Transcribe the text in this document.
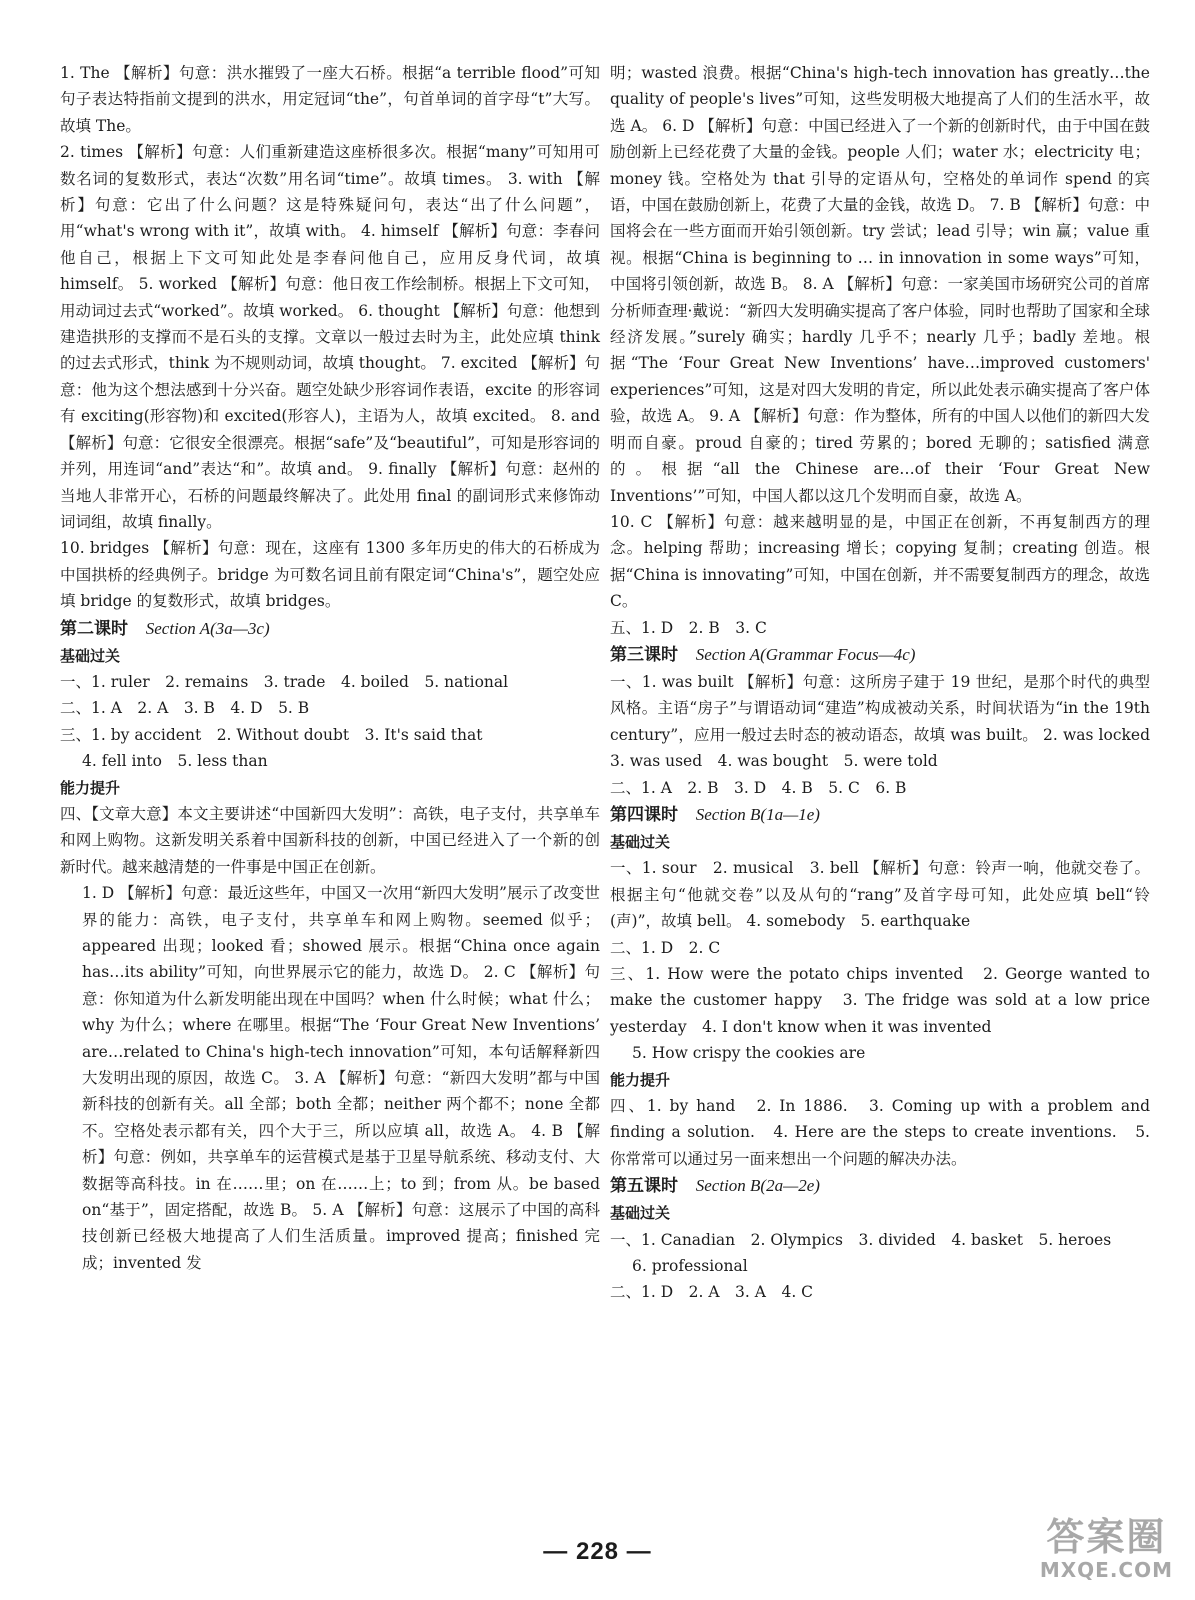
1. The 【解析】句意：洪水摧毁了一座大石桥。根据“a terrible flood”可知句子表达特指前文提到的洪水，用定冠词“the”，句首单词的首字母“t”大写。故填 The。

2. times 【解析】句意：人们重新建造这座桥很多次。根据“many”可知用可数名词的复数形式，表达“次数”用名词“time”。故填 times。 3. with 【解析】句意：它出了什么问题？这是特殊疑问句，表达“出了什么问题”，用“what's wrong with it”，故填 with。 4. himself 【解析】句意：李春问他自己，根据上下文可知此处是李春问他自己，应用反身代词，故填 himself。 5. worked 【解析】句意：他日夜工作绘制桥。根据上下文可知，用动词过去式“worked”。故填 worked。 6. thought 【解析】句意：他想到建造拱形的支撑而不是石头的支撑。文章以一般过去时为主，此处应填 think 的过去式形式，think 为不规则动词，故填 thought。 7. excited 【解析】句意：他为这个想法感到十分兴奋。题空处缺少形容词作表语，excite 的形容词有 exciting(形容物)和 excited(形容人)，主语为人，故填 excited。 8. and 【解析】句意：它很安全很漂亮。根据“safe”及“beautiful”，可知是形容词的并列，用连词“and”表达“和”。故填 and。 9. finally 【解析】句意：赵州的当地人非常开心，石桥的问题最终解决了。此处用 final 的副词形式来修饰动词词组，故填 finally。

10. bridges 【解析】句意：现在，这座有 1300 多年历史的伟大的石桥成为中国拱桥的经典例子。bridge 为可数名词且前有限定词“China's”，题空处应填 bridge 的复数形式，故填 bridges。

第二课时 Section A(3a—3c)

基础过关

一、1. ruler　2. remains　3. trade　4. boiled　5. national

二、1. A　2. A　3. B　4. D　5. B

三、1. by accident　2. Without doubt　3. It's said that

4. fell into　5. less than

能力提升

四、【文章大意】本文主要讲述“中国新四大发明”：高铁，电子支付，共享单车和网上购物。这新发明关系着中国新科技的创新，中国已经进入了一个新的创新时代。越来越清楚的一件事是中国正在创新。

1. D 【解析】句意：最近这些年，中国又一次用“新四大发明”展示了改变世界的能力：高铁，电子支付，共享单车和网上购物。seemed 似乎；appeared 出现；looked 看；showed 展示。根据“China once again has…its ability”可知，向世界展示它的能力，故选 D。 2. C 【解析】句意：你知道为什么新发明能出现在中国吗？when 什么时候；what 什么；why 为什么；where 在哪里。根据“The ‘Four Great New Inventions’ are…related to China's high-tech innovation”可知，本句话解释新四大发明出现的原因，故选 C。 3. A 【解析】句意：“新四大发明”都与中国新科技的创新有关。all 全部；both 全都；neither 两个都不；none 全都不。空格处表示都有关，四个大于三，所以应填 all，故选 A。 4. B 【解析】句意：例如，共享单车的运营模式是基于卫星导航系统、移动支付、大数据等高科技。in 在……里；on 在……上；to 到；from 从。be based on“基于”，固定搭配，故选 B。 5. A 【解析】句意：这展示了中国的高科技创新已经极大地提高了人们生活质量。improved 提高；finished 完成；invented 发

明；wasted 浪费。根据“China's high-tech innovation has greatly…the quality of people's lives”可知，这些发明极大地提高了人们的生活水平，故选 A。 6. D 【解析】句意：中国已经进入了一个新的创新时代，由于中国在鼓励创新上已经花费了大量的金钱。people 人们；water 水；electricity 电；money 钱。空格处为 that 引导的定语从句，空格处的单词作 spend 的宾语，中国在鼓励创新上，花费了大量的金钱，故选 D。 7. B 【解析】句意：中国将会在一些方面而开始引领创新。try 尝试；lead 引导；win 赢；value 重视。根据“China is beginning to … in innovation in some ways”可知，中国将引领创新，故选 B。 8. A 【解析】句意：一家美国市场研究公司的首席分析师查理·戴说：“新四大发明确实提高了客户体验，同时也帮助了国家和全球经济发展。”surely 确实；hardly 几乎不；nearly 几乎；badly 差地。根据“The ‘Four Great New Inventions’ have…improved customers' experiences”可知，这是对四大发明的肯定，所以此处表示确实提高了客户体验，故选 A。 9. A 【解析】句意：作为整体，所有的中国人以他们的新四大发明而自豪。proud 自豪的；tired 劳累的；bored 无聊的；satisfied 满意的。根据“all the Chinese are…of their ‘Four Great New Inventions’”可知，中国人都以这几个发明而自豪，故选 A。

10. C 【解析】句意：越来越明显的是，中国正在创新，不再复制西方的理念。helping 帮助；increasing 增长；copying 复制；creating 创造。根据“China is innovating”可知，中国在创新，并不需要复制西方的理念，故选 C。

五、1. D　2. B　3. C

第三课时 Section A(Grammar Focus—4c)

一、1. was built 【解析】句意：这所房子建于 19 世纪，是那个时代的典型风格。主语“房子”与谓语动词“建造”构成被动关系，时间状语为“in the 19th century”，应用一般过去时态的被动语态，故填 was built。 2. was locked　3. was used　4. was bought　5. were told

二、1. A　2. B　3. D　4. B　5. C　6. B

第四课时 Section B(1a—1e)

基础过关

一、1. sour　2. musical　3. bell 【解析】句意：铃声一响，他就交卷了。根据主句“他就交卷”以及从句的“rang”及首字母可知，此处应填 bell“铃(声)”，故填 bell。 4. somebody　5. earthquake

二、1. D　2. C

三、1. How were the potato chips invented　2. George wanted to make the customer happy　3. The fridge was sold at a low price yesterday　4. I don't know when it was invented

5. How crispy the cookies are

能力提升

四、1. by hand　2. In 1886.　3. Coming up with a problem and finding a solution.　4. Here are the steps to create inventions.　5. 你常常可以通过另一面来想出一个问题的解决办法。

第五课时 Section B(2a—2e)

基础过关

一、1. Canadian　2. Olympics　3. divided　4. basket　5. heroes

6. professional

二、1. D　2. A　3. A　4. C

— 228 —	答案圈
MXQE.COM
